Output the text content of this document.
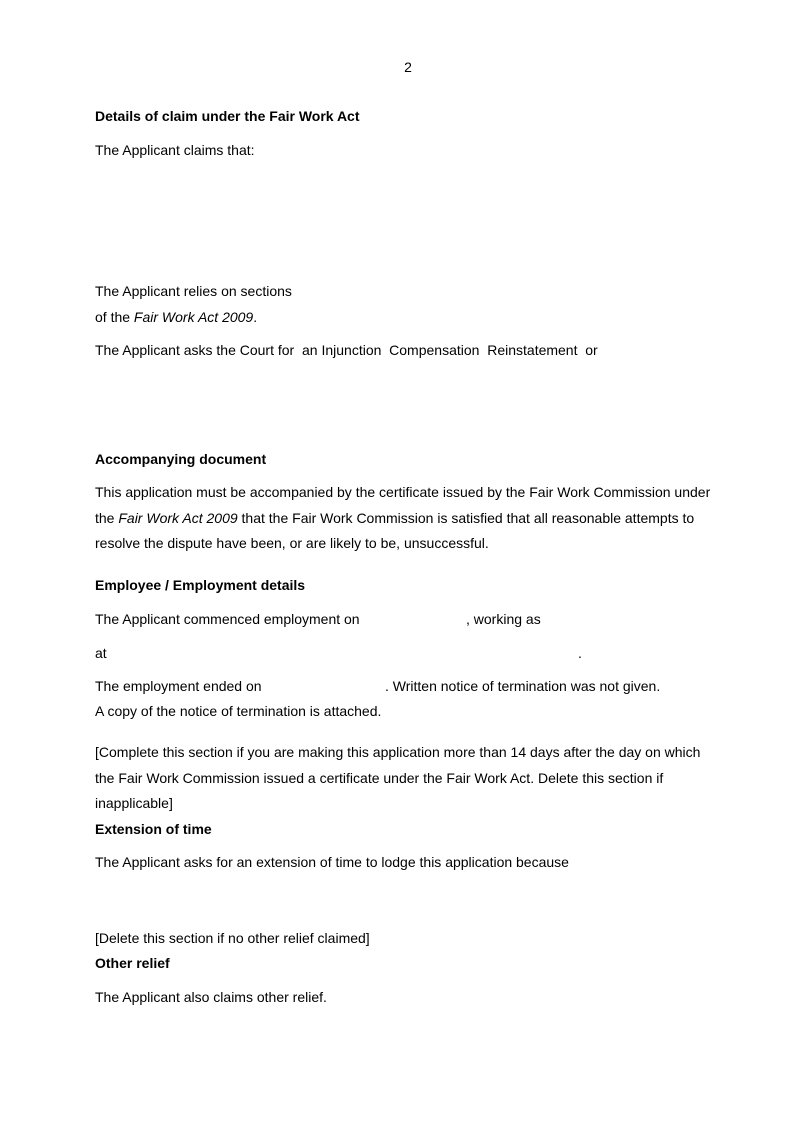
2
Details of claim under the Fair Work Act
The Applicant claims that:
The Applicant relies on sections
of the Fair Work Act 2009.
The Applicant asks the Court for  an Injunction  Compensation  Reinstatement  or
Accompanying document
This application must be accompanied by the certificate issued by the Fair Work Commission under the Fair Work Act 2009 that the Fair Work Commission is satisfied that all reasonable attempts to resolve the dispute have been, or are likely to be, unsuccessful.
Employee / Employment details
The Applicant commenced employment on	, working as
at	.
The employment ended on	. Written notice of termination was not given.
A copy of the notice of termination is attached.
[Complete this section if you are making this application more than 14 days after the day on which the Fair Work Commission issued a certificate under the Fair Work Act. Delete this section if inapplicable]
Extension of time
The Applicant asks for an extension of time to lodge this application because
[Delete this section if no other relief claimed]
Other relief
The Applicant also claims other relief.
